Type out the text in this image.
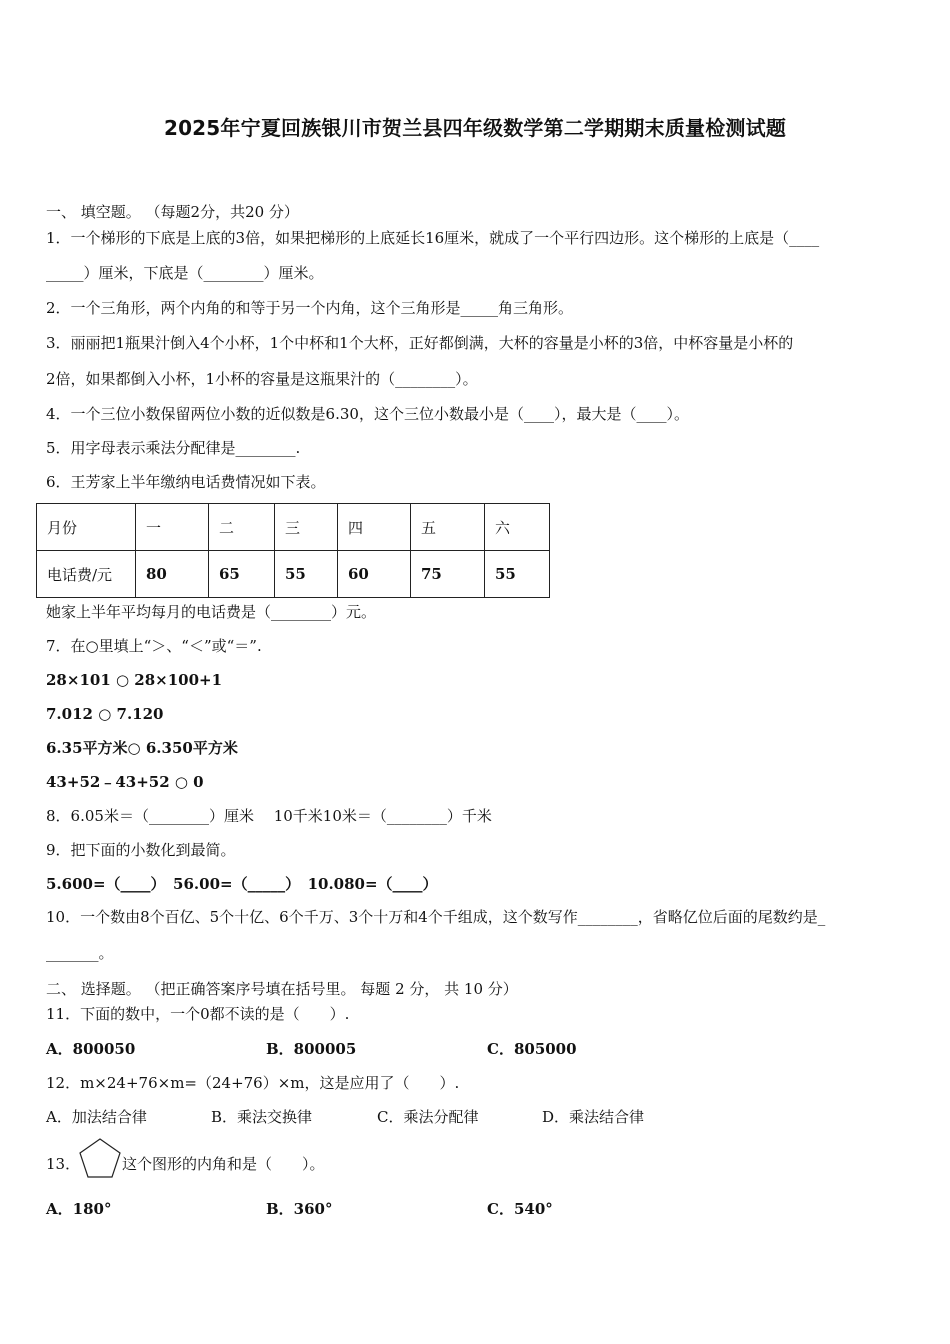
2025年宁夏回族银川市贺兰县四年级数学第二学期期末质量检测试题
一、 填空题。 （每题2分，共20 分）
1．一个梯形的下底是上底的3倍，如果把梯形的上底延长16厘米，就成了一个平行四边形。这个梯形的上底是（____
_____）厘米，下底是（________）厘米。
2．一个三角形，两个内角的和等于另一个内角，这个三角形是_____角三角形。
3．丽丽把1瓶果汁倒入4个小杯，1个中杯和1个大杯，正好都倒满，大杯的容量是小杯的3倍，中杯容量是小杯的
2倍，如果都倒入小杯，1小杯的容量是这瓶果汁的（________）。
4．一个三位小数保留两位小数的近似数是6.30，这个三位小数最小是（____），最大是（____）。
5．用字母表示乘法分配律是________.
6．王芳家上半年缴纳电话费情况如下表。
月份	一	二	三	四	五	六
电话费/元	80	65	55	60	75	55
她家上半年平均每月的电话费是（________）元。
7．在○里填上“＞、“＜”或“＝”.
28×101 ○ 28×100+1
7.012 ○ 7.120
6.35平方米○ 6.350平方米
43+52﹣43+52 ○ 0
8．6.05米＝（________）厘米　 10千米10米＝（________）千米
9．把下面的小数化到最简。
5.600=（____）　56.00=（_____）　10.080=（____）
10．一个数由8个百亿、5个十亿、6个千万、3个十万和4个千组成，这个数写作________，省略亿位后面的尾数约是_
_______。
二、 选择题。 （把正确答案序号填在括号里。 每题 2 分， 共 10 分）
11．下面的数中，一个0都不读的是（　　）.
A．800050	B．800005	C．805000
12．m×24+76×m=（24+76）×m，这是应用了（　　）.
A．加法结合律	B．乘法交换律	C．乘法分配律	D．乘法结合律
13．	这个图形的内角和是（　　）。
A．180°	B．360°	C．540°
